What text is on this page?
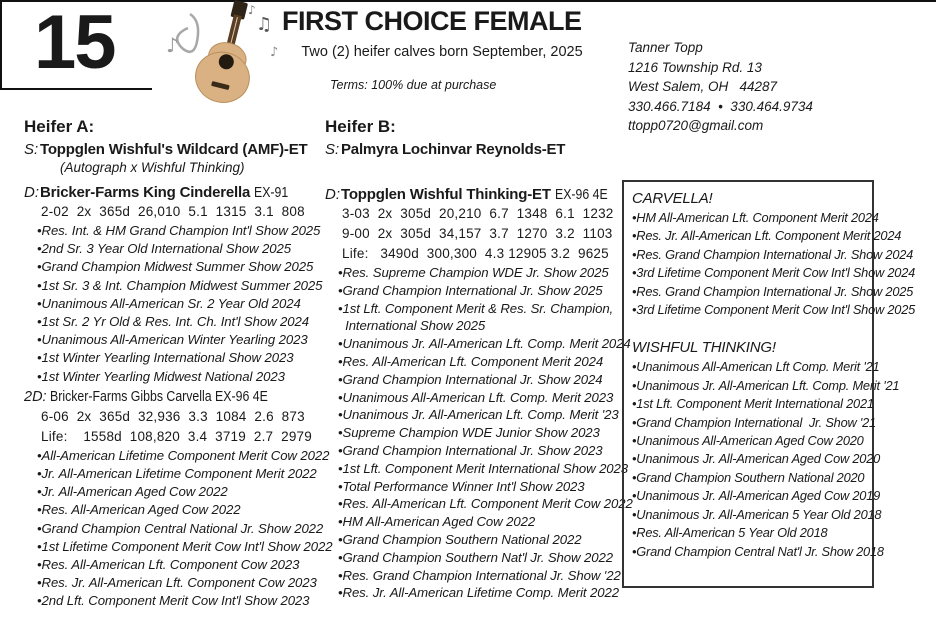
15	♪
♫
♪
♪ FIRST CHOICE FEMALE
Two (2) heifer calves born September, 2025
Terms: 100% due at purchase
Tanner Topp
1216 Township Rd. 13
West Salem, OH   44287
330.466.7184  •  330.464.9734
ttopp0720@gmail.com
Heifer A:
S: Toppglen Wishful's Wildcard (AMF)-ET
(Autograph x Wishful Thinking)
D: Bricker-Farms King Cinderella EX-91
2-02  2x  365d  26,010  5.1  1315  3.1  808
•Res. Int. & HM Grand Champion Int'l Show 2025
•2nd Sr. 3 Year Old International Show 2025
•Grand Champion Midwest Summer Show 2025
•1st Sr. 3 & Int. Champion Midwest Summer 2025
•Unanimous All-American Sr. 2 Year Old 2024
•1st Sr. 2 Yr Old & Res. Int. Ch. Int'l Show 2024
•Unanimous All-American Winter Yearling 2023
•1st Winter Yearling International Show 2023
•1st Winter Yearling Midwest National 2023
2D: Bricker-Farms Gibbs Carvella EX-96 4E
6-06  2x  365d  32,936  3.3  1084  2.6  873
Life:    1558d  108,820  3.4  3719  2.7  2979
•All-American Lifetime Component Merit Cow 2022
•Jr. All-American Lifetime Component Merit 2022
•Jr. All-American Aged Cow 2022
•Res. All-American Aged Cow 2022
•Grand Champion Central National Jr. Show 2022
•1st Lifetime Component Merit Cow Int'l Show 2022
•Res. All-American Lft. Component Cow 2023
•Res. Jr. All-American Lft. Component Cow 2023
•2nd Lft. Component Merit Cow Int'l Show 2023
Heifer B:
S: Palmyra Lochinvar Reynolds-ET
D: Toppglen Wishful Thinking-ET EX-96 4E
3-03  2x  305d  20,210  6.7  1348  6.1  1232
9-00  2x  305d  34,157  3.7  1270  3.2  1103
Life:   3490d  300,300  4.3 12905 3.2  9625
•Res. Supreme Champion WDE Jr. Show 2025
•Grand Champion International Jr. Show 2025
•1st Lft. Component Merit & Res. Sr. Champion,
International Show 2025
•Unanimous Jr. All-American Lft. Comp. Merit 2024
•Res. All-American Lft. Component Merit 2024
•Grand Champion International Jr. Show 2024
•Unanimous All-American Lft. Comp. Merit 2023
•Unanimous Jr. All-American Lft. Comp. Merit '23
•Supreme Champion WDE Junior Show 2023
•Grand Champion International Jr. Show 2023
•1st Lft. Component Merit International Show 2023
•Total Performance Winner Int'l Show 2023
•Res. All-American Lft. Component Merit Cow 2022
•HM All-American Aged Cow 2022
•Grand Champion Southern National 2022
•Grand Champion Southern Nat'l Jr. Show 2022
•Res. Grand Champion International Jr. Show '22
•Res. Jr. All-American Lifetime Comp. Merit 2022
CARVELLA!
•HM All-American Lft. Component Merit 2024
•Res. Jr. All-American Lft. Component Merit 2024
•Res. Grand Champion International Jr. Show 2024
•3rd Lifetime Component Merit Cow Int'l Show 2024
•Res. Grand Champion International Jr. Show 2025
•3rd Lifetime Component Merit Cow Int'l Show 2025
WISHFUL THINKING!
•Unanimous All-American Lft Comp. Merit '21
•Unanimous Jr. All-American Lft. Comp. Merit '21
•1st Lft. Component Merit International 2021
•Grand Champion International  Jr. Show '21
•Unanimous All-American Aged Cow 2020
•Unanimous Jr. All-American Aged Cow 2020
•Grand Champion Southern National 2020
•Unanimous Jr. All-American Aged Cow 2019
•Unanimous Jr. All-American 5 Year Old 2018
•Res. All-American 5 Year Old 2018
•Grand Champion Central Nat'l Jr. Show 2018
